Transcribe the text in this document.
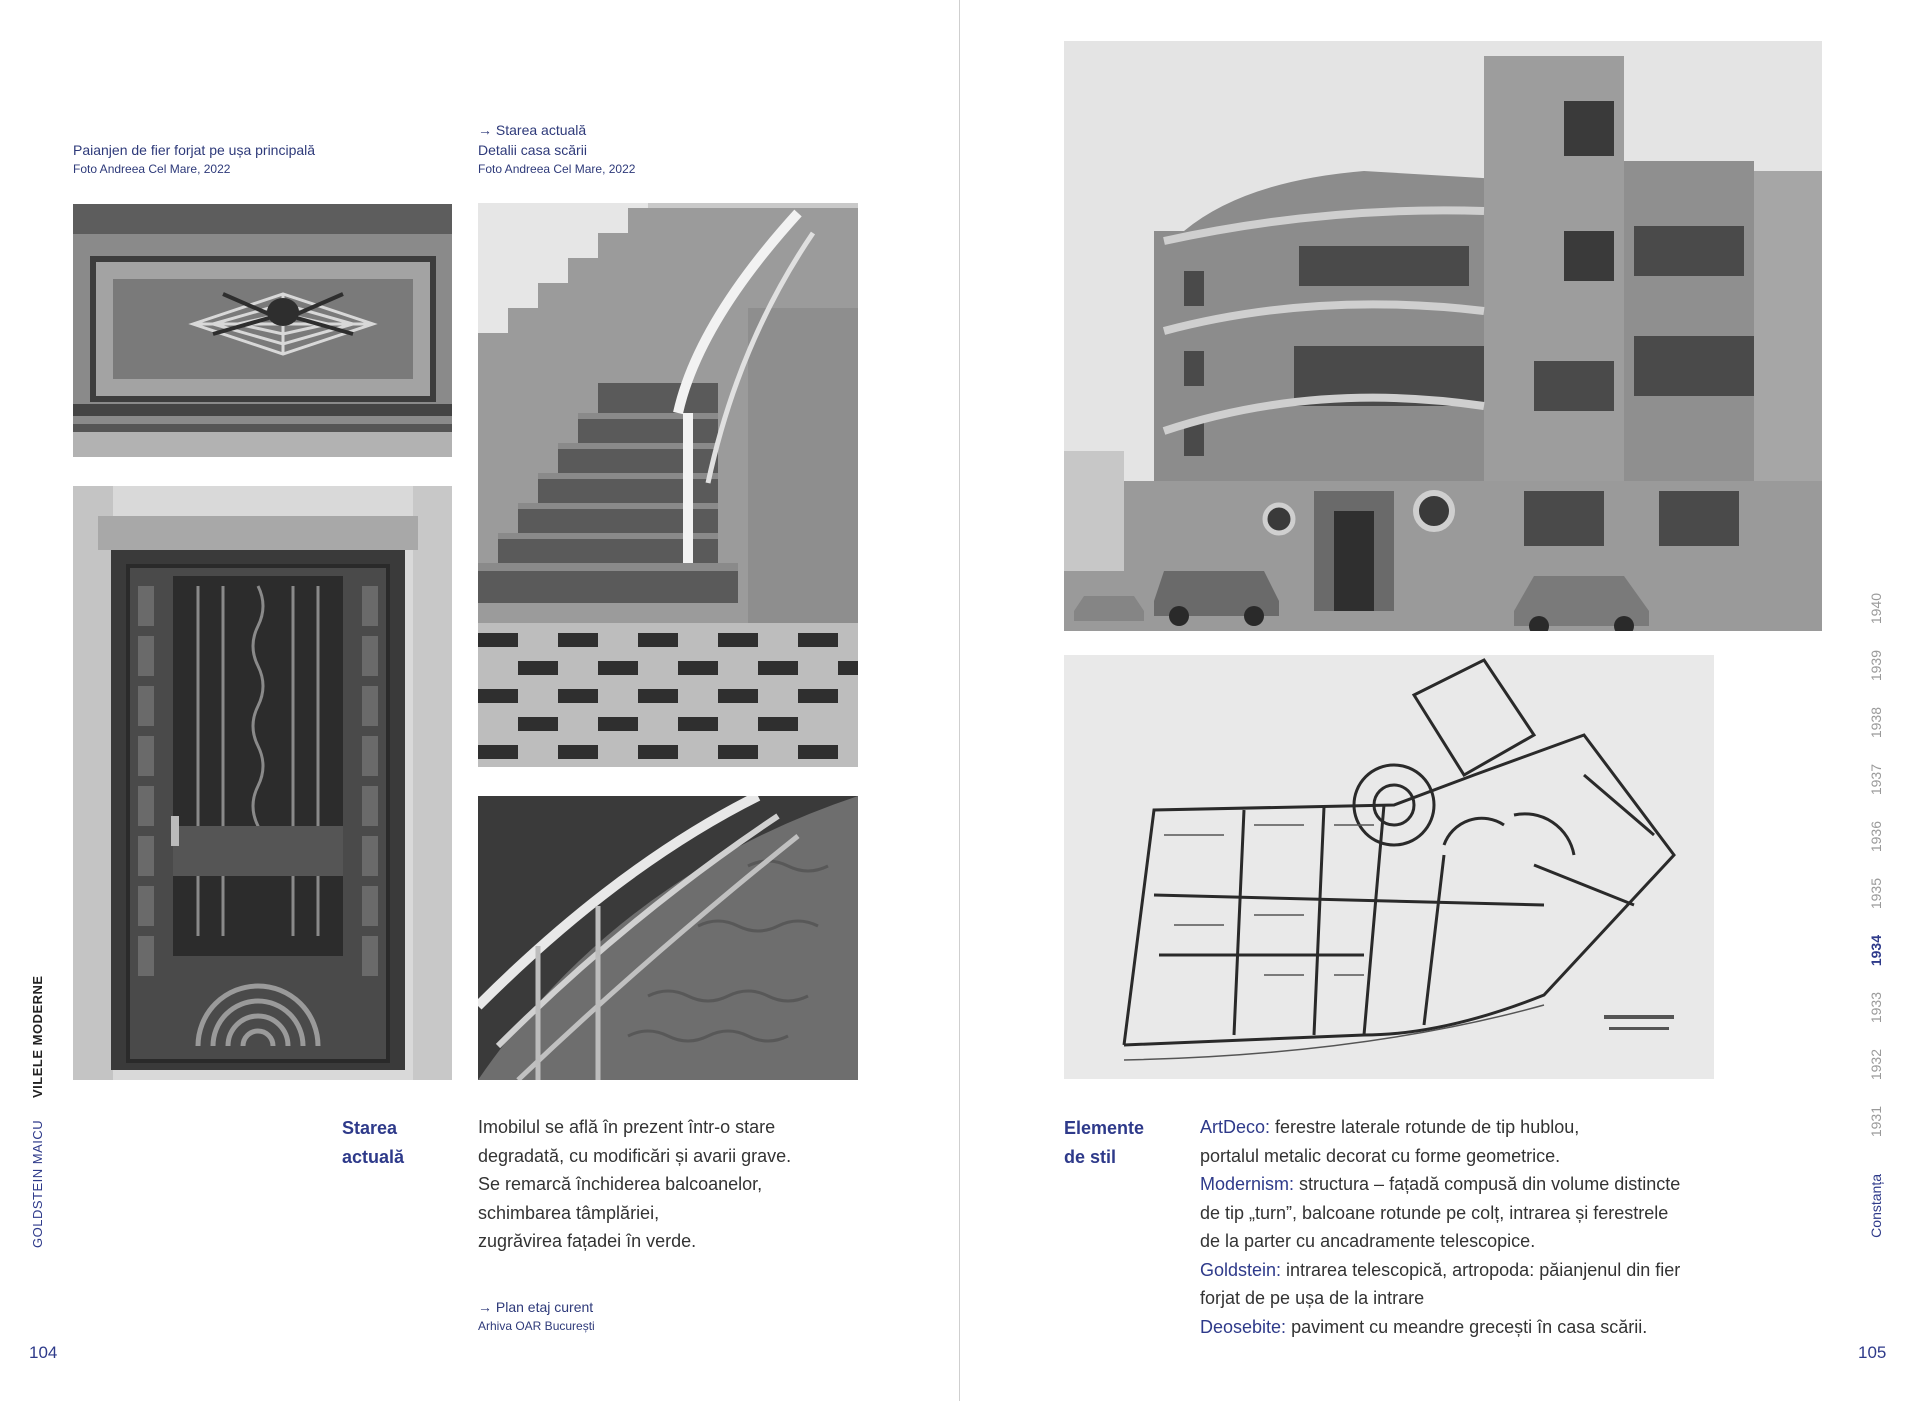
Paianjen de fier forjat pe ușa principală
Foto Andreea Cel Mare, 2022
→ Starea actuală
Detalii casa scării
Foto Andreea Cel Mare, 2022
Starea
actuală
Imobilul se află în prezent într-o stare
degradată, cu modificări și avarii grave.
Se remarcă închiderea balcoanelor,
schimbarea tâmplăriei,
zugrăvirea fațadei în verde.
→ Plan etaj curent
Arhiva OAR București
104
GOLDSTEIN MAICU
VILELE MODERNE
Elemente
de stil
ArtDeco: ferestre laterale rotunde de tip hublou,
portalul metalic decorat cu forme geometrice.
Modernism: structura – fațadă compusă din volume distincte
de tip „turn”, balcoane rotunde pe colț, intrarea și ferestrele
de la parter cu ancadramente telescopice.
Goldstein: intrarea telescopică, artropoda: păianjenul din fier
forjat de pe ușa de la intrare
Deosebite: paviment cu meandre grecești în casa scării.
105
1931
1932
1933
1934
1935
1936
1937
1938
1939
1940
Constanța
